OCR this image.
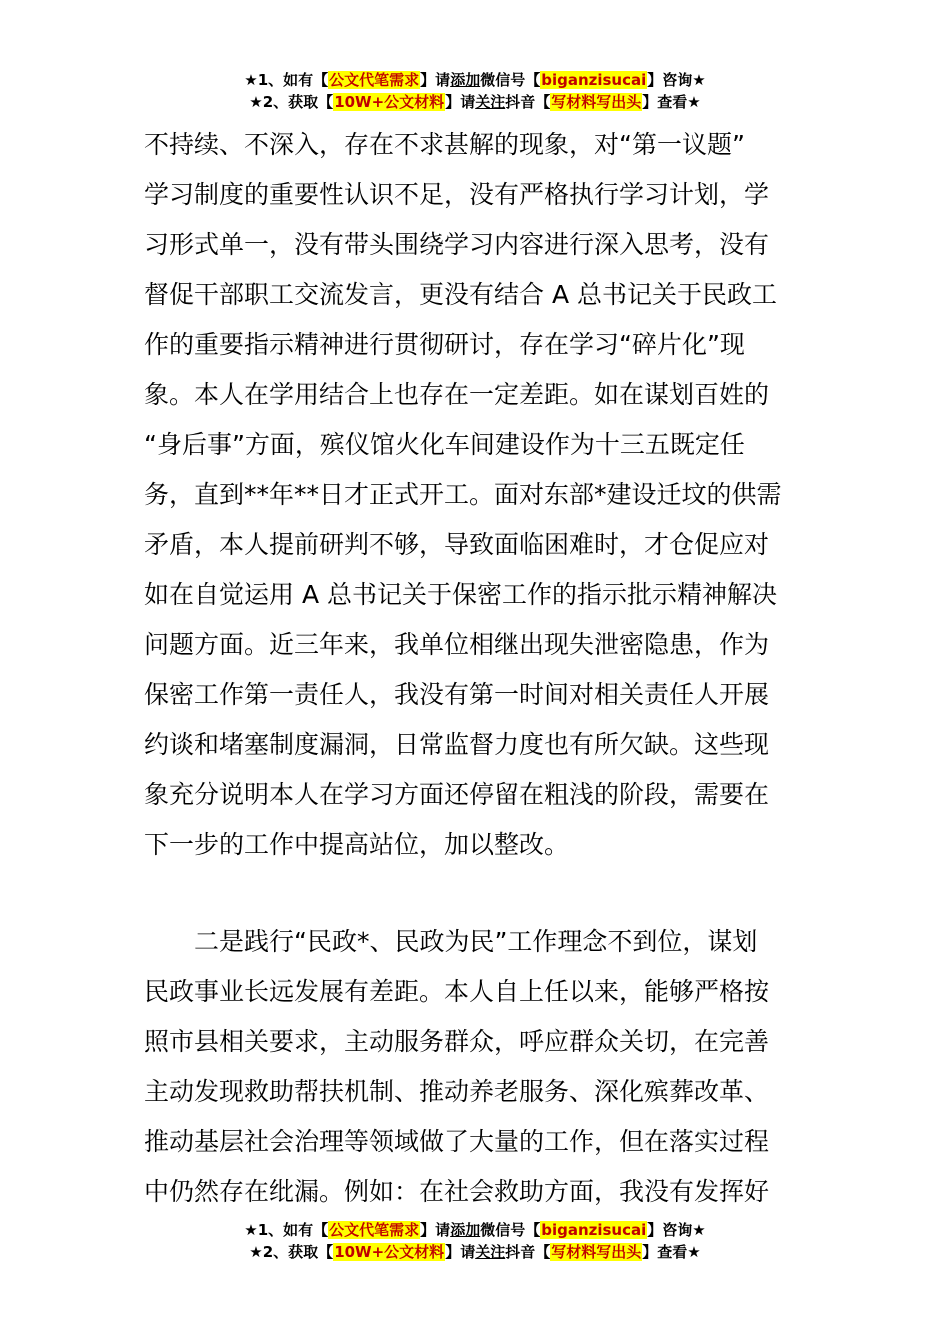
★1、如有【公文代笔需求】请添加微信号【biganzisucai】咨询★
★2、获取【10W+公文材料】请关注抖音【写材料写出头】查看★
不持续、不深入，存在不求甚解的现象，对“第一议题”
学习制度的重要性认识不足，没有严格执行学习计划，学
习形式单一，没有带头围绕学习内容进行深入思考，没有
督促干部职工交流发言，更没有结合 A 总书记关于民政工
作的重要指示精神进行贯彻研讨，存在学习“碎片化”现
象。本人在学用结合上也存在一定差距。如在谋划百姓的
“身后事”方面，殡仪馆火化车间建设作为十三五既定任
务，直到**年**日才正式开工。面对东部*建设迁坟的供需
矛盾，本人提前研判不够，导致面临困难时，才仓促应对
如在自觉运用 A 总书记关于保密工作的指示批示精神解决
问题方面。近三年来，我单位相继出现失泄密隐患，作为
保密工作第一责任人，我没有第一时间对相关责任人开展
约谈和堵塞制度漏洞，日常监督力度也有所欠缺。这些现
象充分说明本人在学习方面还停留在粗浅的阶段，需要在
下一步的工作中提高站位，加以整改。
二是践行“民政*、民政为民”工作理念不到位，谋划
民政事业长远发展有差距。本人自上任以来，能够严格按
照市县相关要求，主动服务群众，呼应群众关切，在完善
主动发现救助帮扶机制、推动养老服务、深化殡葬改革、
推动基层社会治理等领域做了大量的工作，但在落实过程
中仍然存在纰漏。例如：在社会救助方面，我没有发挥好
★1、如有【公文代笔需求】请添加微信号【biganzisucai】咨询★
★2、获取【10W+公文材料】请关注抖音【写材料写出头】查看★
